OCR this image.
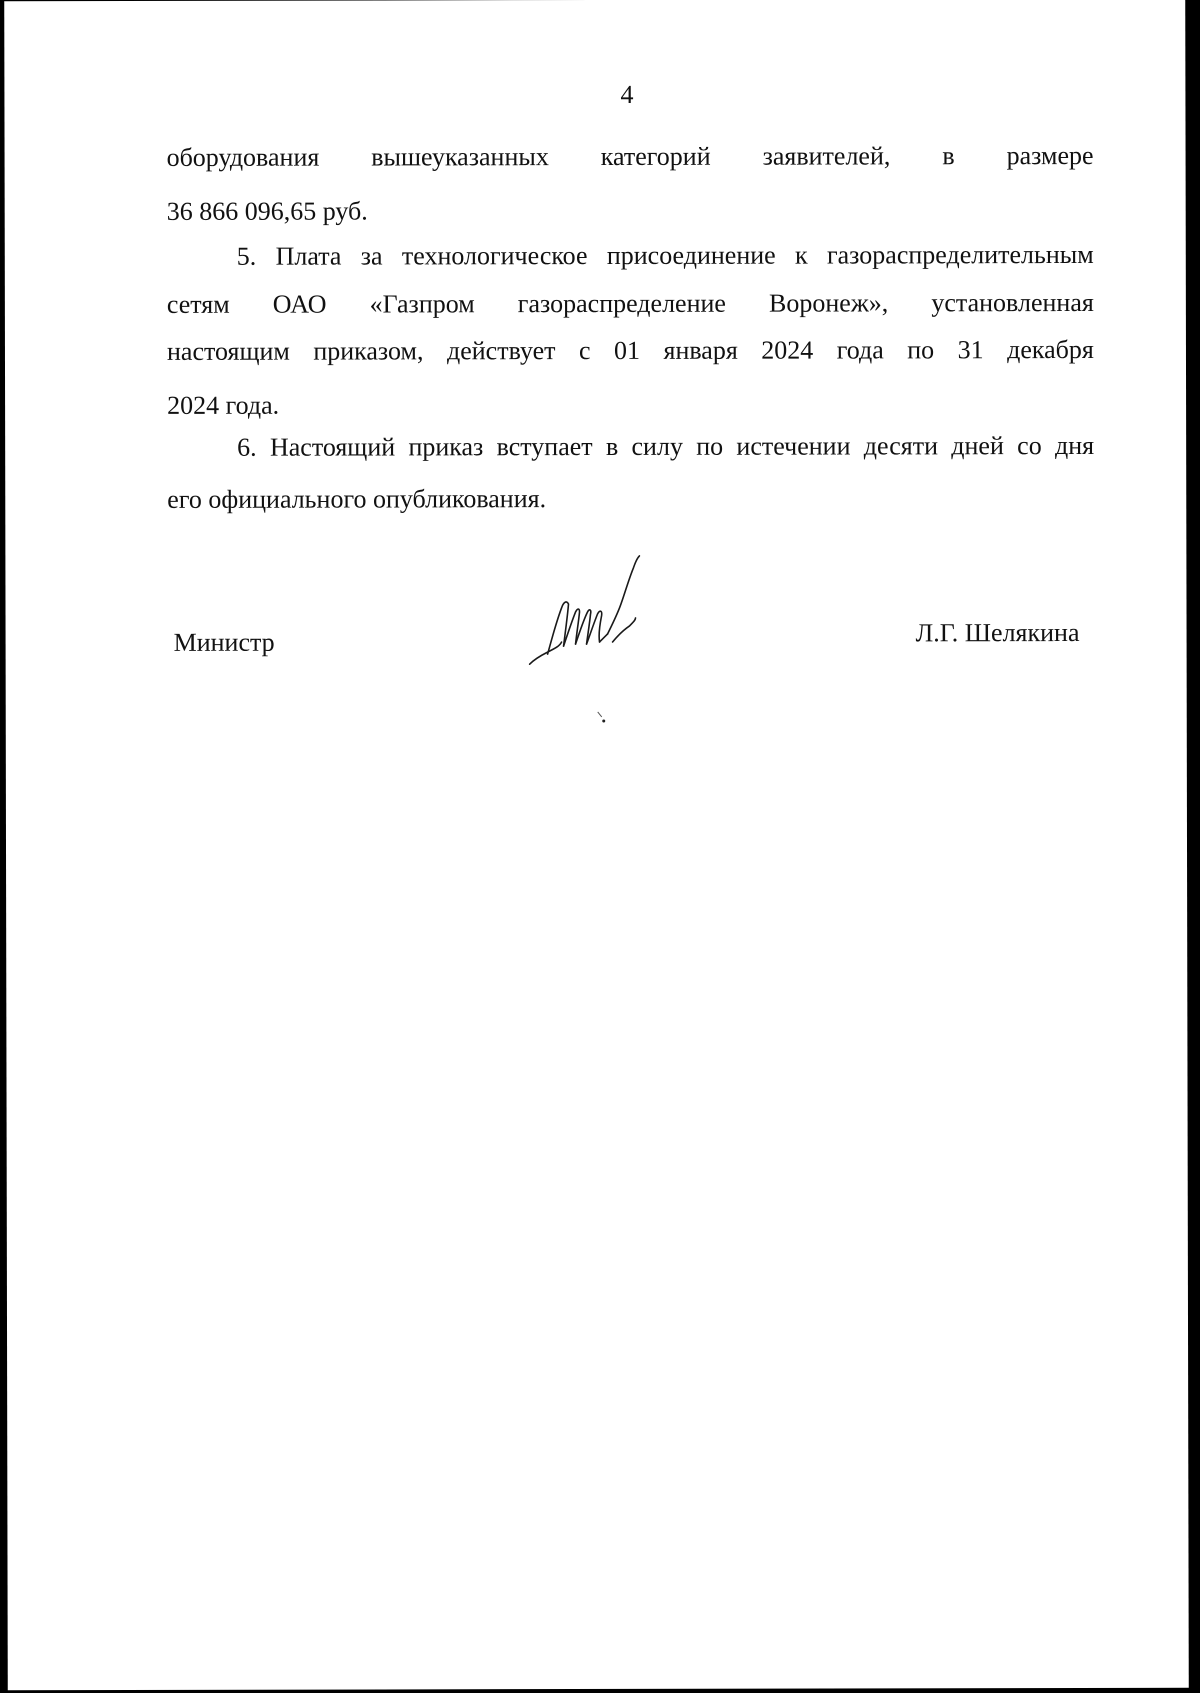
4
оборудования вышеуказанных категорий заявителей, в размере
36 866 096,65 руб.
5. Плата за технологическое присоединение к газораспределительным
сетям ОАО «Газпром газораспределение Воронеж», установленная
настоящим приказом, действует с 01 января 2024 года по 31 декабря
2024 года.
6. Настоящий приказ вступает в силу по истечении десяти дней со дня
его официального опубликования.
Министр	Л.Г. Шелякина
